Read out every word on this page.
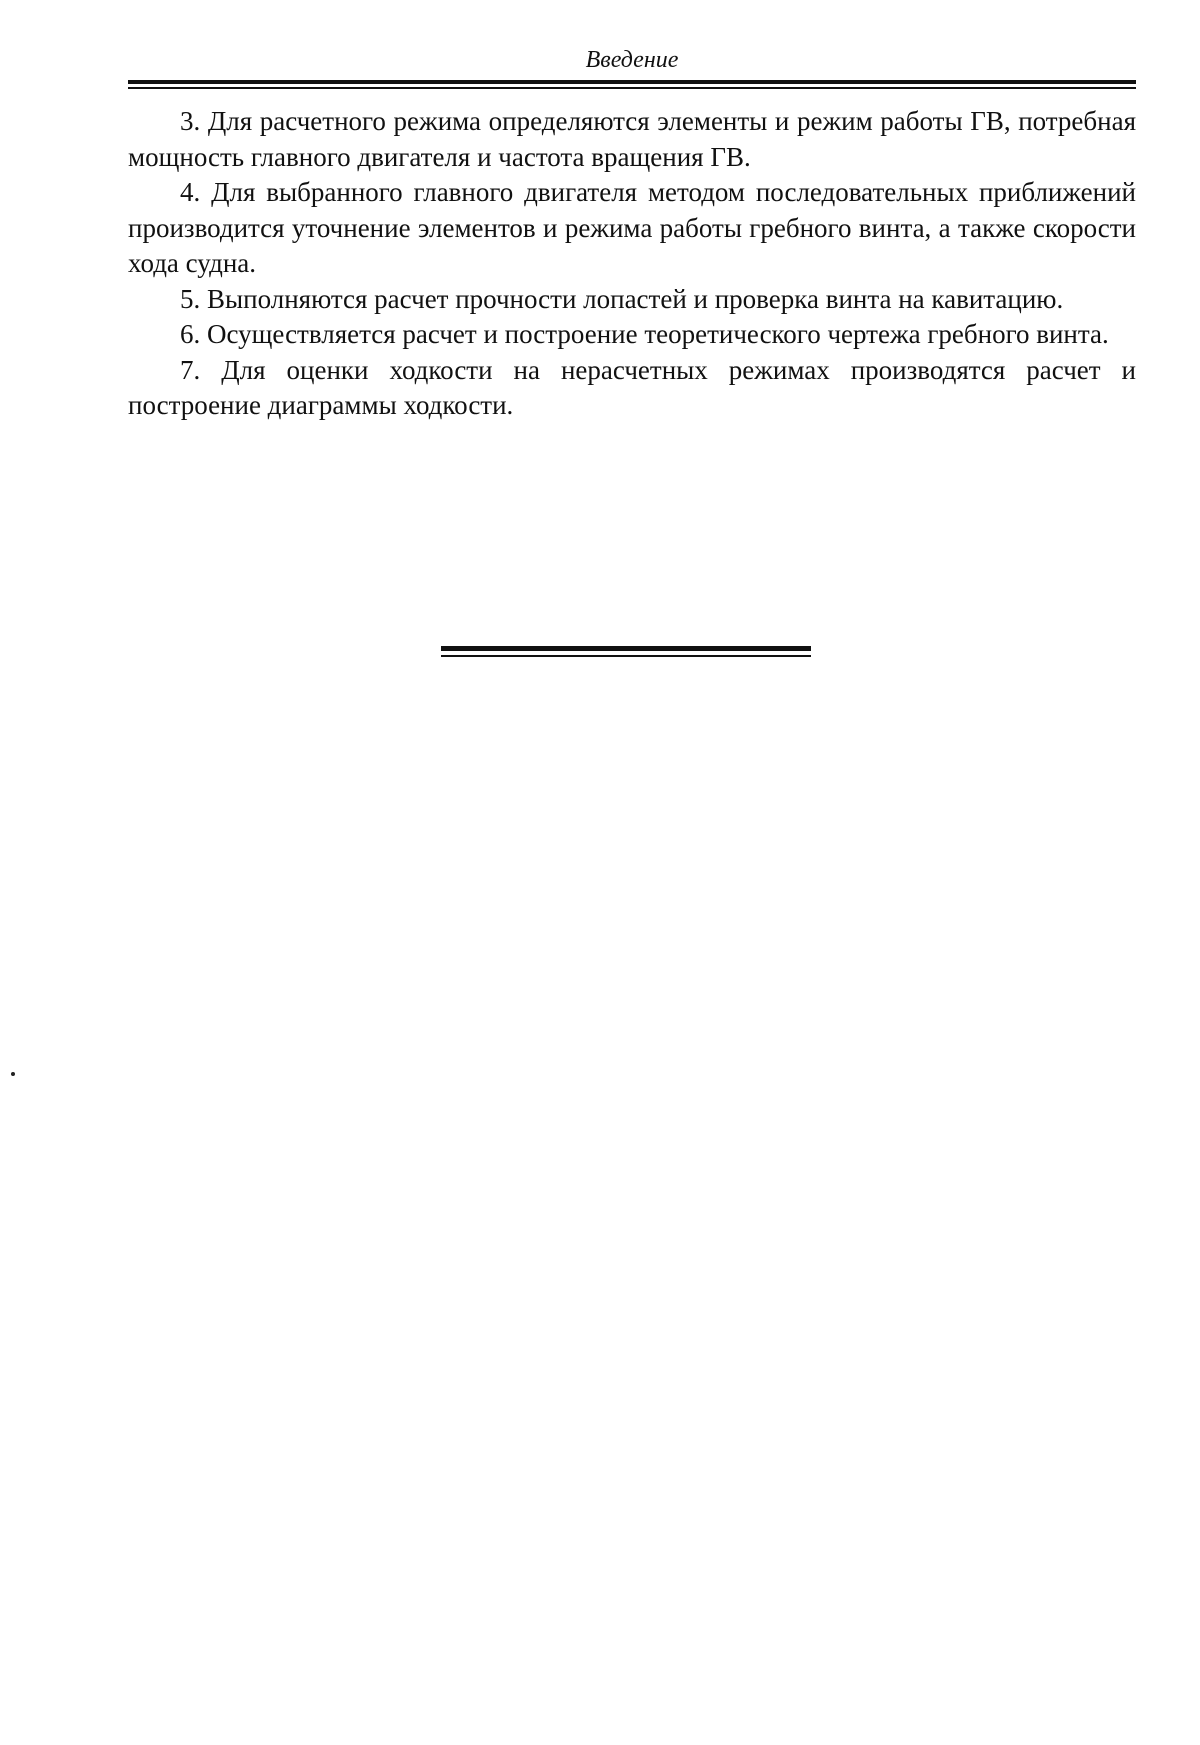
Введение

3. Для расчетного режима определяются элементы и режим работы ГВ, потребная мощность главного двигателя и частота вращения ГВ.

4. Для выбранного главного двигателя методом последовательных приближений производится уточнение элементов и режима работы гребного винта, а также скорости хода судна.

5. Выполняются расчет прочности лопастей и проверка винта на кавитацию.

6. Осуществляется расчет и построение теоретического чертежа гребного винта.

7. Для оценки ходкости на нерасчетных режимах производятся расчет и построение диаграммы ходкости.
